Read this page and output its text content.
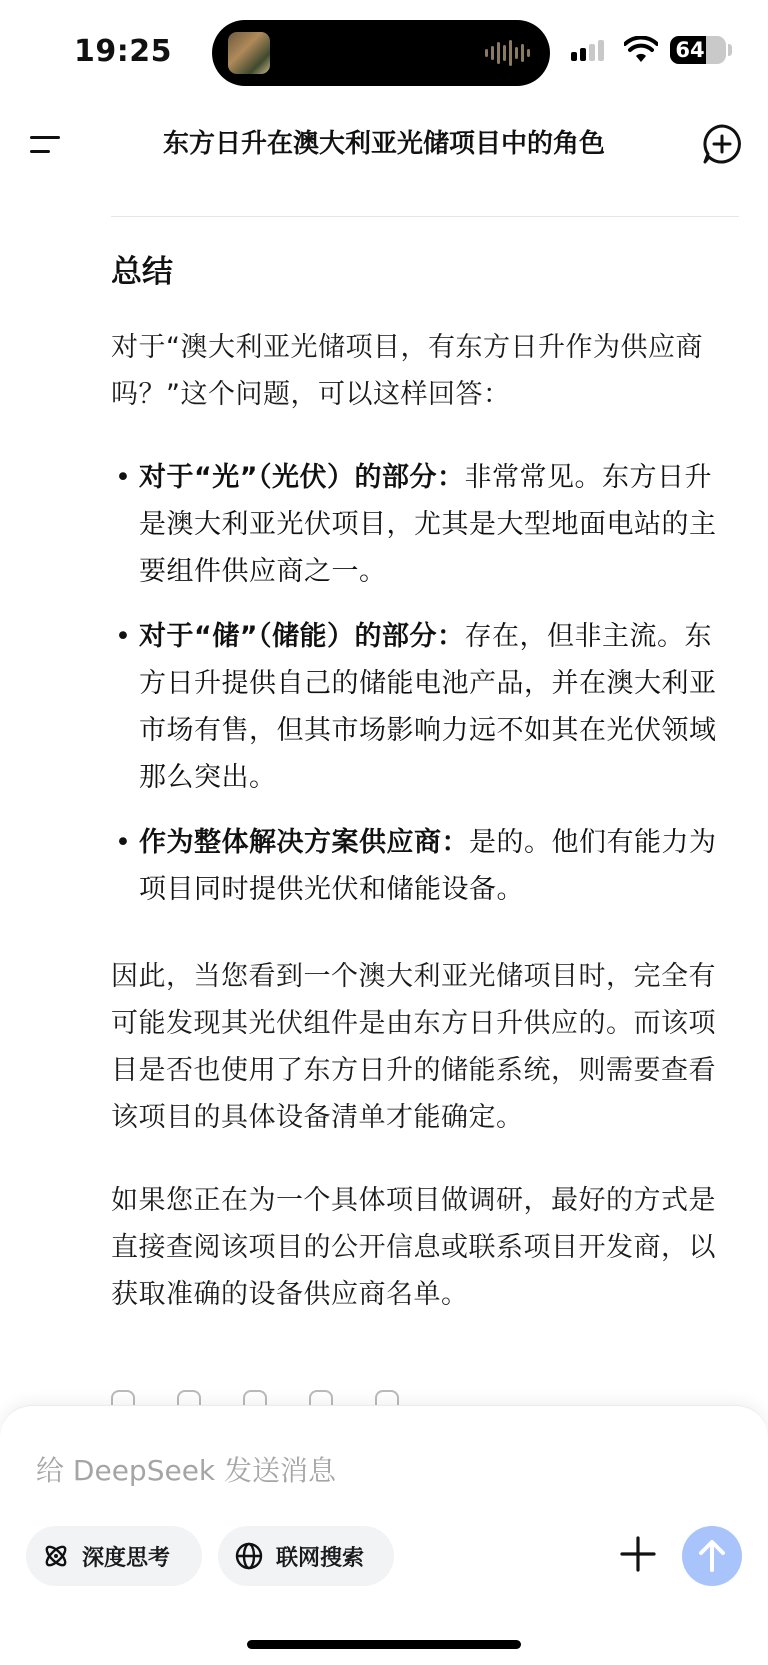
19:25	64
东方日升在澳大利亚光储项目中的角色
总结

对于“澳大利亚光储项目，有东方日升作为供应商吗？”这个问题，可以这样回答：

• 对于“光”（光伏）的部分：非常常见。东方日升是澳大利亚光伏项目，尤其是大型地面电站的主要组件供应商之一。
• 对于“储”（储能）的部分：存在，但非主流。东方日升提供自己的储能电池产品，并在澳大利亚市场有售，但其市场影响力远不如其在光伏领域那么突出。
• 作为整体解决方案供应商：是的。他们有能力为项目同时提供光伏和储能设备。

因此，当您看到一个澳大利亚光储项目时，完全有可能发现其光伏组件是由东方日升供应的。而该项目是否也使用了东方日升的储能系统，则需要查看该项目的具体设备清单才能确定。

如果您正在为一个具体项目做调研，最好的方式是直接查阅该项目的公开信息或联系项目开发商，以获取准确的设备供应商名单。

给 DeepSeek 发送消息
深度思考	联网搜索
